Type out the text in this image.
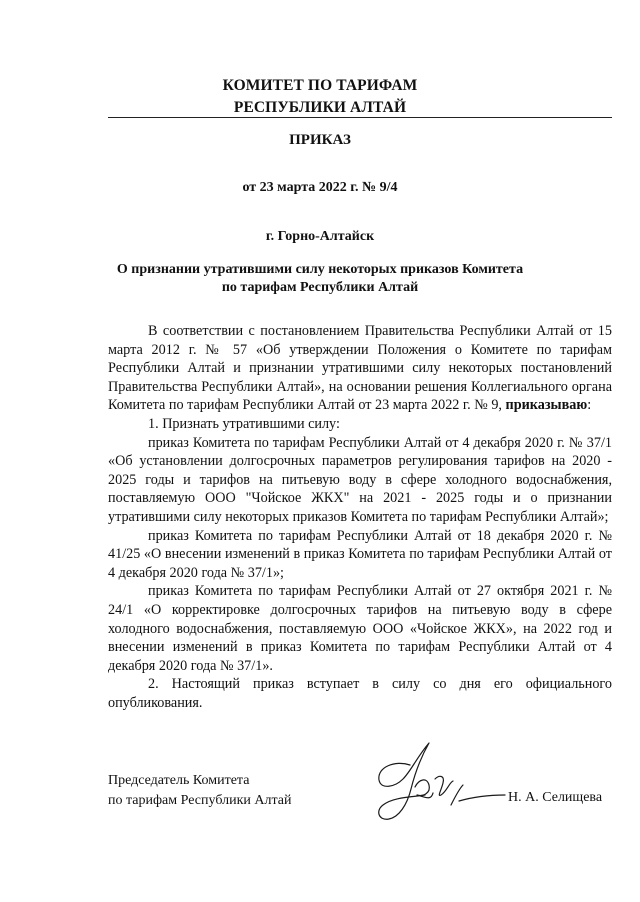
КОМИТЕТ ПО ТАРИФАМ
РЕСПУБЛИКИ АЛТАЙ
ПРИКАЗ
от 23 марта 2022 г. № 9/4
г. Горно-Алтайск
О признании утратившими силу некоторых приказов Комитета
по тарифам Республики Алтай

В соответствии с постановлением Правительства Республики Алтай от 15 марта 2012 г. № 57 «Об утверждении Положения о Комитете по тарифам Республики Алтай и признании утратившими силу некоторых постановлений Правительства Республики Алтай», на основании решения Коллегиального органа Комитета по тарифам Республики Алтай от 23 марта 2022 г. № 9, приказываю:

1. Признать утратившими силу:

приказ Комитета по тарифам Республики Алтай от 4 декабря 2020 г. № 37/1 «Об установлении долгосрочных параметров регулирования тарифов на 2020 - 2025 годы и тарифов на питьевую воду в сфере холодного водоснабжения, поставляемую ООО "Чойское ЖКХ" на 2021 - 2025 годы и о признании утратившими силу некоторых приказов Комитета по тарифам Республики Алтай»;

приказ Комитета по тарифам Республики Алтай от 18 декабря 2020 г. № 41/25 «О внесении изменений в приказ Комитета по тарифам Республики Алтай от 4 декабря 2020 года № 37/1»;

приказ Комитета по тарифам Республики Алтай от 27 октября 2021 г. № 24/1 «О корректировке долгосрочных тарифов на питьевую воду в сфере холодного водоснабжения, поставляемую ООО «Чойское ЖКХ», на 2022 год и внесении изменений в приказ Комитета по тарифам Республики Алтай от 4 декабря 2020 года № 37/1».

2. Настоящий приказ вступает в силу со дня его официального опубликования.

Председатель Комитета
по тарифам Республики Алтай	Н. А. Селищева
